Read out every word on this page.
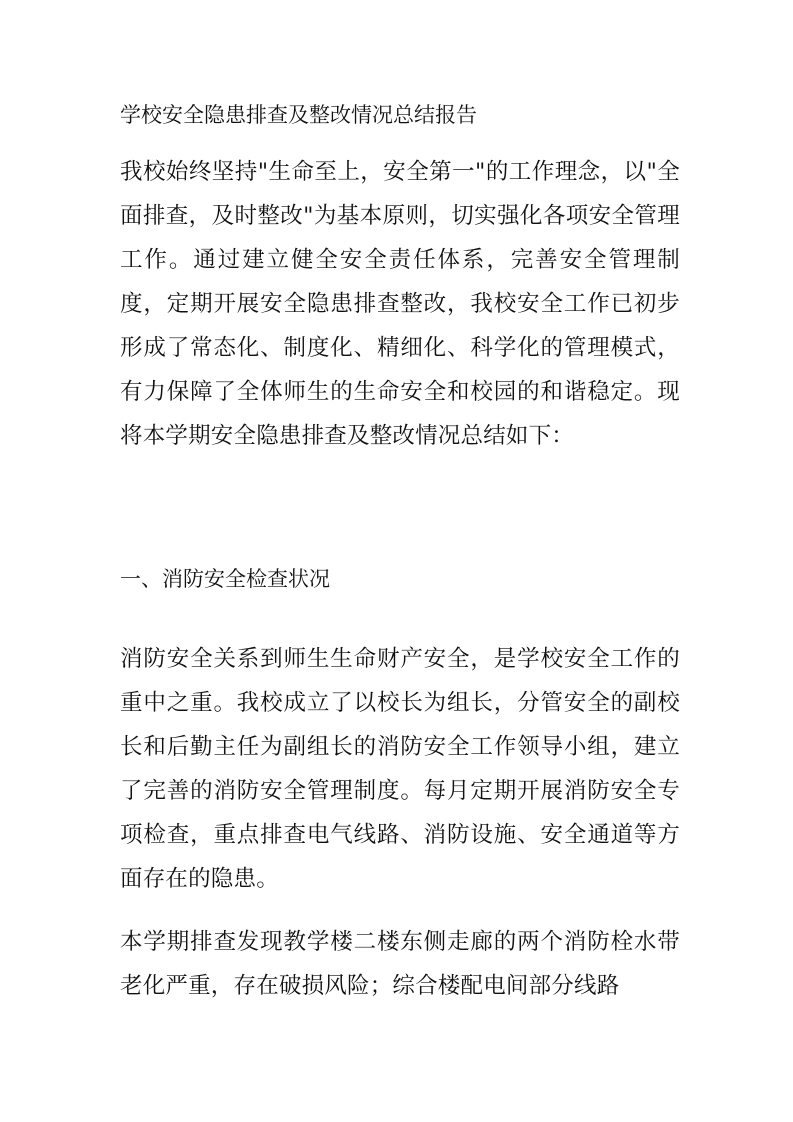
学校安全隐患排查及整改情况总结报告

我校始终坚持"生命至上，安全第一"的工作理念，以"全面排查，及时整改"为基本原则，切实强化各项安全管理工作。通过建立健全安全责任体系，完善安全管理制度，定期开展安全隐患排查整改，我校安全工作已初步形成了常态化、制度化、精细化、科学化的管理模式，有力保障了全体师生的生命安全和校园的和谐稳定。现将本学期安全隐患排查及整改情况总结如下：

一、消防安全检查状况

消防安全关系到师生生命财产安全，是学校安全工作的重中之重。我校成立了以校长为组长，分管安全的副校长和后勤主任为副组长的消防安全工作领导小组，建立了完善的消防安全管理制度。每月定期开展消防安全专项检查，重点排查电气线路、消防设施、安全通道等方面存在的隐患。

本学期排查发现教学楼二楼东侧走廊的两个消防栓水带老化严重，存在破损风险；综合楼配电间部分线路
